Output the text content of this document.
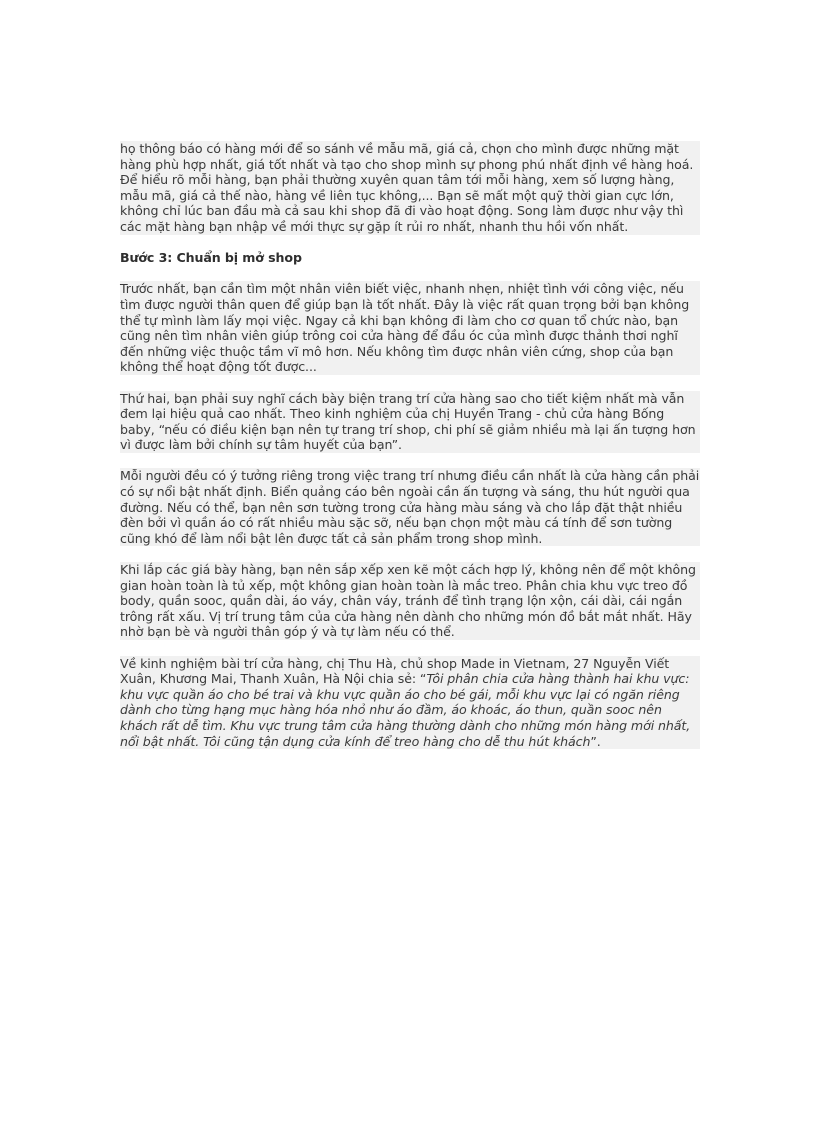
họ thông báo có hàng mới để so sánh về mẫu mã, giá cả, chọn cho mình được những mặt hàng phù hợp nhất, giá tốt nhất và tạo cho shop mình sự phong phú nhất định về hàng hoá. Để hiểu rõ mỗi hàng, bạn phải thường xuyên quan tâm tới mỗi hàng, xem số lượng hàng, mẫu mã, giá cả thế nào, hàng về liên tục không,... Bạn sẽ mất một quỹ thời gian cực lớn, không chỉ lúc ban đầu mà cả sau khi shop đã đi vào hoạt động. Song làm được như vậy thì các mặt hàng bạn nhập về mới thực sự gặp ít rủi ro nhất, nhanh thu hồi vốn nhất.

Bước 3: Chuẩn bị mở shop

Trước nhất, bạn cần tìm một nhân viên biết việc, nhanh nhẹn, nhiệt tình với công việc, nếu tìm được người thân quen để giúp bạn là tốt nhất. Đây là việc rất quan trọng bởi bạn không thể tự mình làm lấy mọi việc. Ngay cả khi bạn không đi làm cho cơ quan tổ chức nào, bạn cũng nên tìm nhân viên giúp trông coi cửa hàng để đầu óc của mình được thảnh thơi nghĩ đến những việc thuộc tầm vĩ mô hơn. Nếu không tìm được nhân viên cứng, shop của bạn không thể hoạt động tốt được...

Thứ hai, bạn phải suy nghĩ cách bày biện trang trí cửa hàng sao cho tiết kiệm nhất mà vẫn đem lại hiệu quả cao nhất. Theo kinh nghiệm của chị Huyền Trang - chủ cửa hàng Bống baby, “nếu có điều kiện bạn nên tự trang trí shop, chi phí sẽ giảm nhiều mà lại ấn tượng hơn vì được làm bởi chính sự tâm huyết của bạn”.

Mỗi người đều có ý tưởng riêng trong việc trang trí nhưng điều cần nhất là cửa hàng cần phải có sự nổi bật nhất định. Biển quảng cáo bên ngoài cần ấn tượng và sáng, thu hút người qua đường. Nếu có thể, bạn nên sơn tường trong cửa hàng màu sáng và cho lắp đặt thật nhiều đèn bởi vì quần áo có rất nhiều màu sặc sỡ, nếu bạn chọn một màu cá tính để sơn tường cũng khó để làm nổi bật lên được tất cả sản phẩm trong shop mình.

Khi lắp các giá bày hàng, bạn nên sắp xếp xen kẽ một cách hợp lý, không nên để một không gian hoàn toàn là tủ xếp, một không gian hoàn toàn là mắc treo. Phân chia khu vực treo đồ body, quần sooc, quần dài, áo váy, chân váy, tránh để tình trạng lộn xộn, cái dài, cái ngắn trông rất xấu. Vị trí trung tâm của cửa hàng nên dành cho những món đồ bắt mắt nhất. Hãy nhờ bạn bè và người thân góp ý và tự làm nếu có thể.

Về kinh nghiệm bài trí cửa hàng, chị Thu Hà, chủ shop Made in Vietnam, 27 Nguyễn Viết Xuân, Khương Mai, Thanh Xuân, Hà Nội chia sẻ: “Tôi phân chia cửa hàng thành hai khu vực: khu vực quần áo cho bé trai và khu vực quần áo cho bé gái, mỗi khu vực lại có ngăn riêng dành cho từng hạng mục hàng hóa nhỏ như áo đầm, áo khoác, áo thun, quần sooc nên khách rất dễ tìm. Khu vực trung tâm cửa hàng thường dành cho những món hàng mới nhất, nổi bật nhất. Tôi cũng tận dụng cửa kính để treo hàng cho dễ thu hút khách”.
